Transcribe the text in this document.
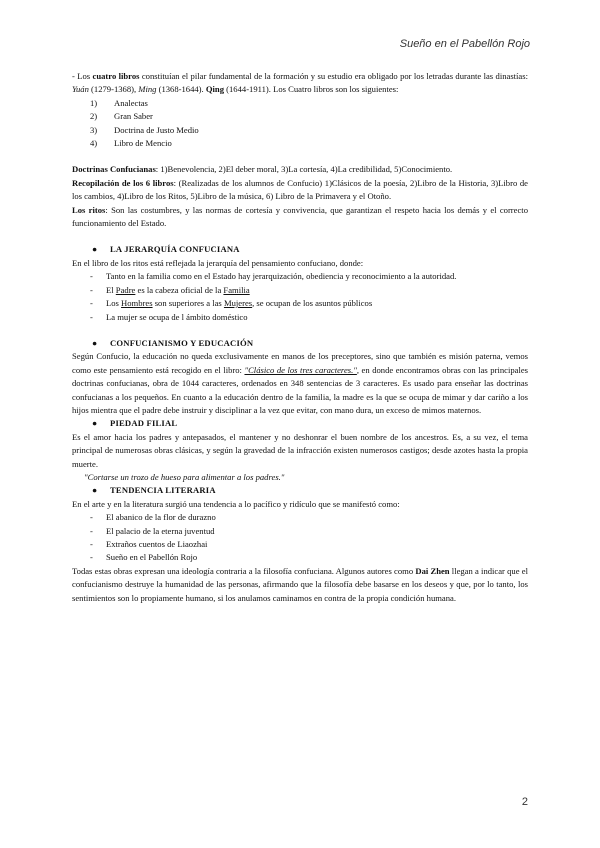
Sueño en el Pabellón Rojo

- Los cuatro libros constituían el pilar fundamental de la formación y su estudio era obligado por los letradas durante las dinastías: Yuán (1279-1368), Ming (1368-1644). Qing (1644-1911). Los Cuatro libros son los siguientes:

1) Analectas
2) Gran Saber
3) Doctrina de Justo Medio
4) Libro de Mencio

Doctrinas Confucianas: 1)Benevolencia, 2)El deber moral, 3)La cortesía, 4)La credibilidad, 5)Conocimiento.

Recopilación de los 6 libros: (Realizadas de los alumnos de Confucio) 1)Clásicos de la poesía, 2)Libro de la Historia, 3)Libro de los cambios, 4)Libro de los Ritos, 5)Libro de la música, 6) Libro de la Primavera y el Otoño.

Los ritos: Son las costumbres, y las normas de cortesía y convivencia, que garantizan el respeto hacia los demás y el correcto funcionamiento del Estado.

● LA JERARQUÍA CONFUCIANA

En el libro de los ritos está reflejada la jerarquía del pensamiento confuciano, donde:

- Tanto en la familia como en el Estado hay jerarquización, obediencia y reconocimiento a la autoridad.
- El Padre es la cabeza oficial de la Familia
- Los Hombres son superiores a las Mujeres, se ocupan de los asuntos públicos
- La mujer se ocupa de l ámbito doméstico
● CONFUCIANISMO Y EDUCACIÓN

Según Confucio, la educación no queda exclusivamente en manos de los preceptores, sino que también es misión paterna, vemos como este pensamiento está recogido en el libro: "Clásico de los tres caracteres.", en donde encontramos obras con las principales doctrinas confucianas, obra de 1044 caracteres, ordenados en 348 sentencias de 3 caracteres. Es usado para enseñar las doctrinas confucianas a los pequeños. En cuanto a la educación dentro de la familia, la madre es la que se ocupa de mimar y dar cariño a los hijos mientra que el padre debe instruir y disciplinar a la vez que evitar, con mano dura, un exceso de mimos maternos.

● PIEDAD FILIAL

Es el amor hacia los padres y antepasados, el mantener y no deshonrar el buen nombre de los ancestros. Es, a su vez, el tema principal de numerosas obras clásicas, y según la gravedad de la infracción existen numerosos castigos; desde azotes hasta la propia muerte.

"Cortarse un trozo de hueso para alimentar a los padres."

● TENDENCIA LITERARIA

En el arte y en la literatura surgió una tendencia a lo pacífico y ridículo que se manifestó como:

- El abanico de la flor de durazno
- El palacio de la eterna juventud
- Extraños cuentos de Liaozhai
- Sueño en el Pabellón Rojo

Todas estas obras expresan una ideología contraria a la filosofía confuciana. Algunos autores como Dai Zhen llegan a indicar que el confucianismo destruye la humanidad de las personas, afirmando que la filosofía debe basarse en los deseos y que, por lo tanto, los sentimientos son lo propiamente humano, si los anulamos caminamos en contra de la propia condición humana.

2
